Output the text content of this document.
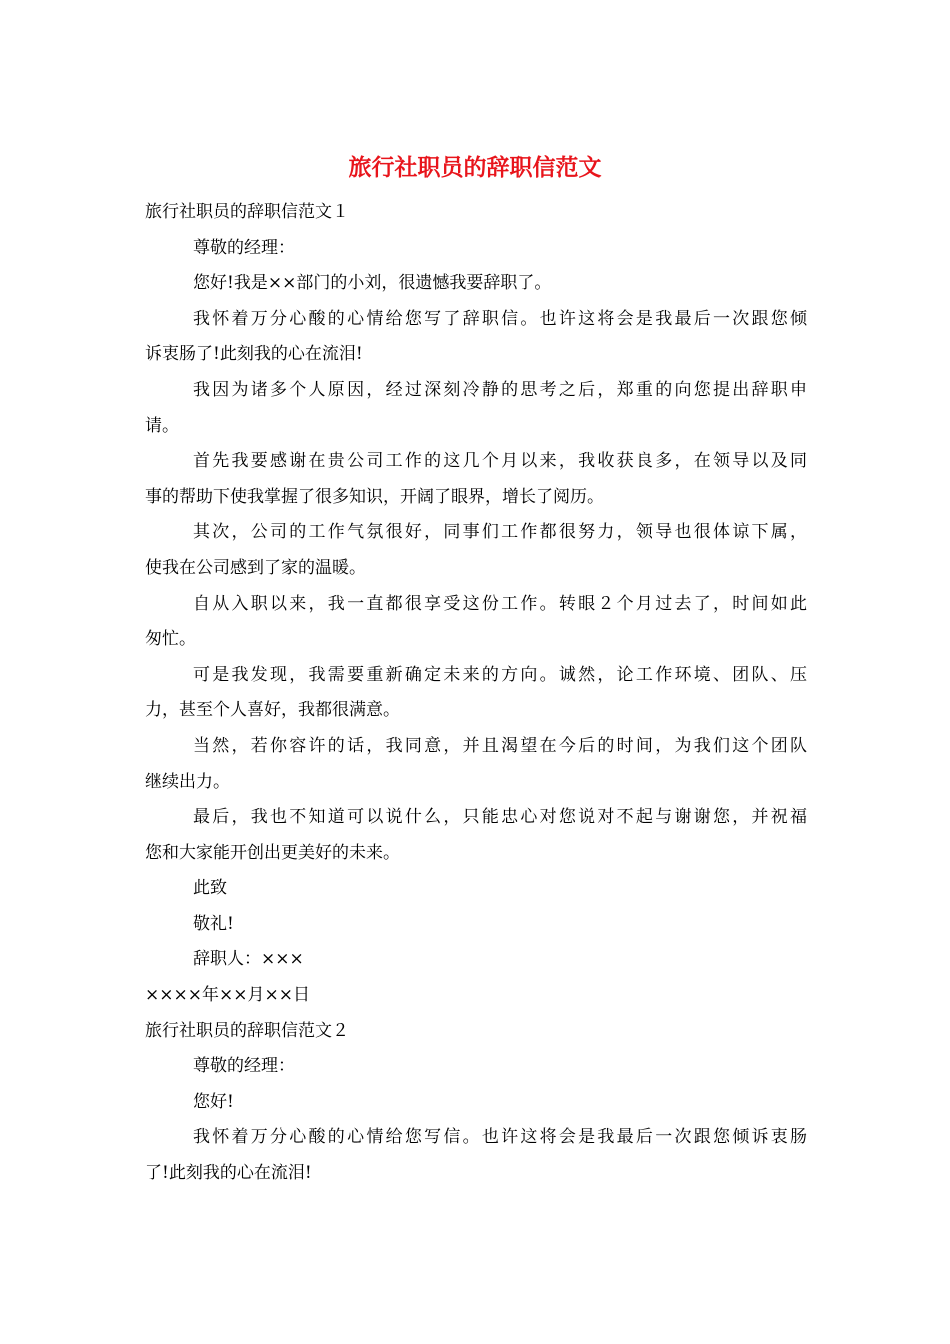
旅行社职员的辞职信范文
旅行社职员的辞职信范文１
尊敬的经理：
您好!我是××部门的小刘，很遗憾我要辞职了。
我怀着万分心酸的心情给您写了辞职信。也许这将会是我最后一次跟您倾
诉衷肠了!此刻我的心在流泪!
我因为诸多个人原因，经过深刻冷静的思考之后，郑重的向您提出辞职申
请。
首先我要感谢在贵公司工作的这几个月以来，我收获良多，在领导以及同
事的帮助下使我掌握了很多知识，开阔了眼界，增长了阅历。
其次，公司的工作气氛很好，同事们工作都很努力，领导也很体谅下属，
使我在公司感到了家的温暖。
自从入职以来，我一直都很享受这份工作。转眼２个月过去了，时间如此
匆忙。
可是我发现，我需要重新确定未来的方向。诚然，论工作环境、团队、压
力，甚至个人喜好，我都很满意。
当然，若你容许的话，我同意，并且渴望在今后的时间，为我们这个团队
继续出力。
最后，我也不知道可以说什么，只能忠心对您说对不起与谢谢您，并祝福
您和大家能开创出更美好的未来。
此致
敬礼!
辞职人：×××
××××年××月××日
旅行社职员的辞职信范文２
尊敬的经理：
您好!
我怀着万分心酸的心情给您写信。也许这将会是我最后一次跟您倾诉衷肠
了!此刻我的心在流泪!
